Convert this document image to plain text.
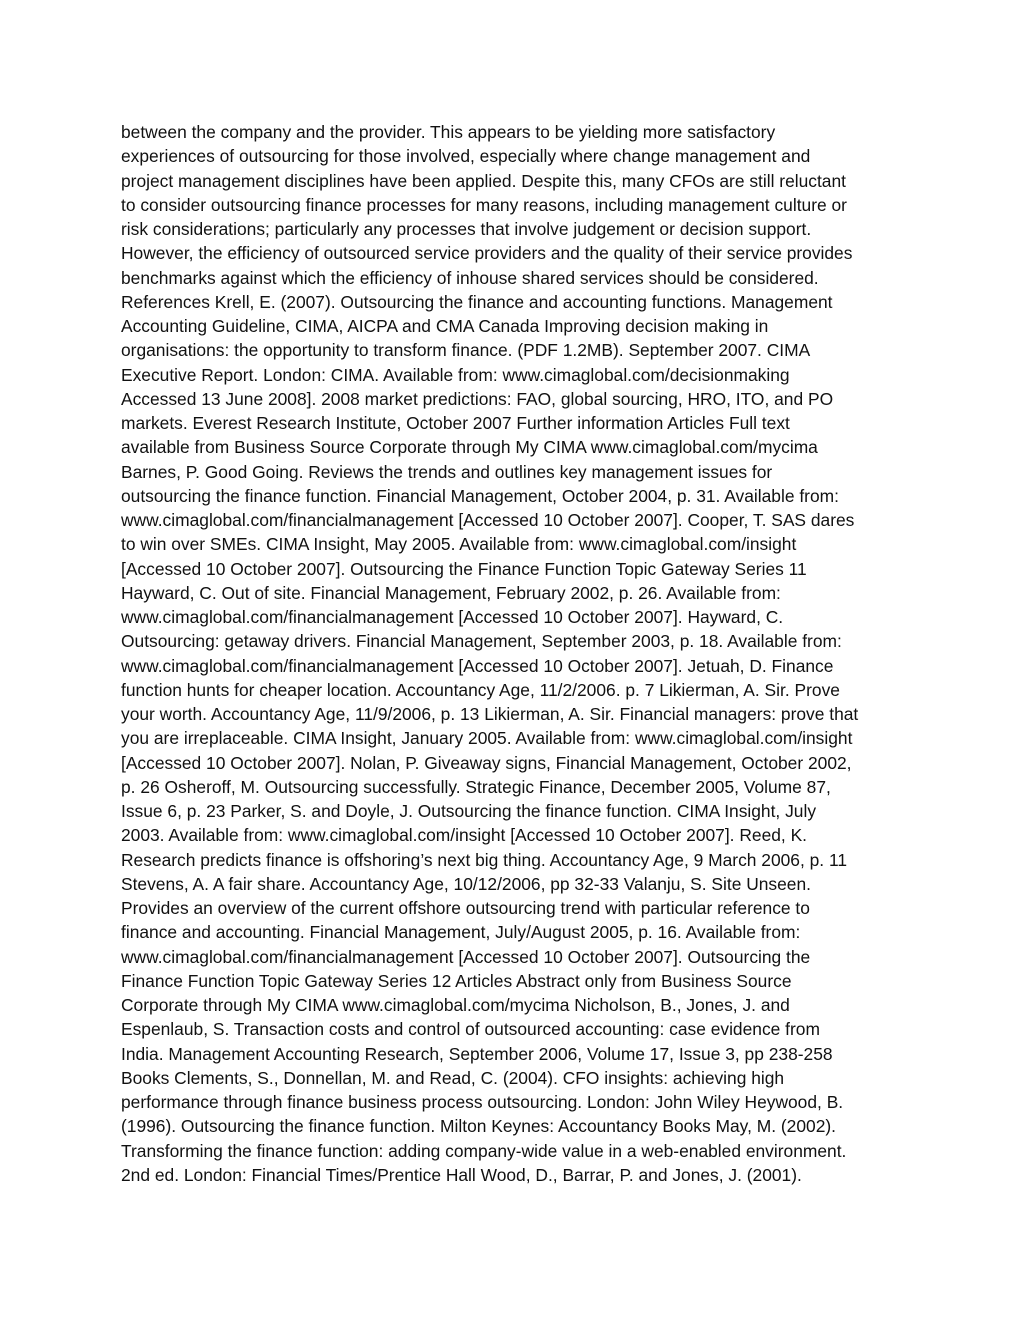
between the company and the provider. This appears to be yielding more satisfactory
experiences of outsourcing for those involved, especially where change management and
project management disciplines have been applied. Despite this, many CFOs are still reluctant
to consider outsourcing finance processes for many reasons, including management culture or
risk considerations; particularly any processes that involve judgement or decision support.
However, the efficiency of outsourced service providers and the quality of their service provides
benchmarks against which the efficiency of inhouse shared services should be considered.
References Krell, E. (2007). Outsourcing the finance and accounting functions. Management
Accounting Guideline, CIMA, AICPA and CMA Canada Improving decision making in
organisations: the opportunity to transform finance. (PDF 1.2MB). September 2007. CIMA
Executive Report. London: CIMA. Available from: www.cimaglobal.com/decisionmaking
Accessed 13 June 2008]. 2008 market predictions: FAO, global sourcing, HRO, ITO, and PO
markets. Everest Research Institute, October 2007 Further information Articles Full text
available from Business Source Corporate through My CIMA www.cimaglobal.com/mycima
Barnes, P. Good Going. Reviews the trends and outlines key management issues for
outsourcing the finance function. Financial Management, October 2004, p. 31. Available from:
www.cimaglobal.com/financialmanagement [Accessed 10 October 2007]. Cooper, T. SAS dares
to win over SMEs. CIMA Insight, May 2005. Available from: www.cimaglobal.com/insight
[Accessed 10 October 2007]. Outsourcing the Finance Function Topic Gateway Series 11
Hayward, C. Out of site. Financial Management, February 2002, p. 26. Available from:
www.cimaglobal.com/financialmanagement [Accessed 10 October 2007]. Hayward, C.
Outsourcing: getaway drivers. Financial Management, September 2003, p. 18. Available from:
www.cimaglobal.com/financialmanagement [Accessed 10 October 2007]. Jetuah, D. Finance
function hunts for cheaper location. Accountancy Age, 11/2/2006. p. 7 Likierman, A. Sir. Prove
your worth. Accountancy Age, 11/9/2006, p. 13 Likierman, A. Sir. Financial managers: prove that
you are irreplaceable. CIMA Insight, January 2005. Available from: www.cimaglobal.com/insight
[Accessed 10 October 2007]. Nolan, P. Giveaway signs, Financial Management, October 2002,
p. 26 Osheroff, M. Outsourcing successfully. Strategic Finance, December 2005, Volume 87,
Issue 6, p. 23 Parker, S. and Doyle, J. Outsourcing the finance function. CIMA Insight, July
2003. Available from: www.cimaglobal.com/insight [Accessed 10 October 2007]. Reed, K.
Research predicts finance is offshoring’s next big thing. Accountancy Age, 9 March 2006, p. 11
Stevens, A. A fair share. Accountancy Age, 10/12/2006, pp 32-33 Valanju, S. Site Unseen.
Provides an overview of the current offshore outsourcing trend with particular reference to
finance and accounting. Financial Management, July/August 2005, p. 16. Available from:
www.cimaglobal.com/financialmanagement [Accessed 10 October 2007]. Outsourcing the
Finance Function Topic Gateway Series 12 Articles Abstract only from Business Source
Corporate through My CIMA www.cimaglobal.com/mycima Nicholson, B., Jones, J. and
Espenlaub, S. Transaction costs and control of outsourced accounting: case evidence from
India. Management Accounting Research, September 2006, Volume 17, Issue 3, pp 238-258
Books Clements, S., Donnellan, M. and Read, C. (2004). CFO insights: achieving high
performance through finance business process outsourcing. London: John Wiley Heywood, B.
(1996). Outsourcing the finance function. Milton Keynes: Accountancy Books May, M. (2002).
Transforming the finance function: adding company-wide value in a web-enabled environment.
2nd ed. London: Financial Times/Prentice Hall Wood, D., Barrar, P. and Jones, J. (2001).
